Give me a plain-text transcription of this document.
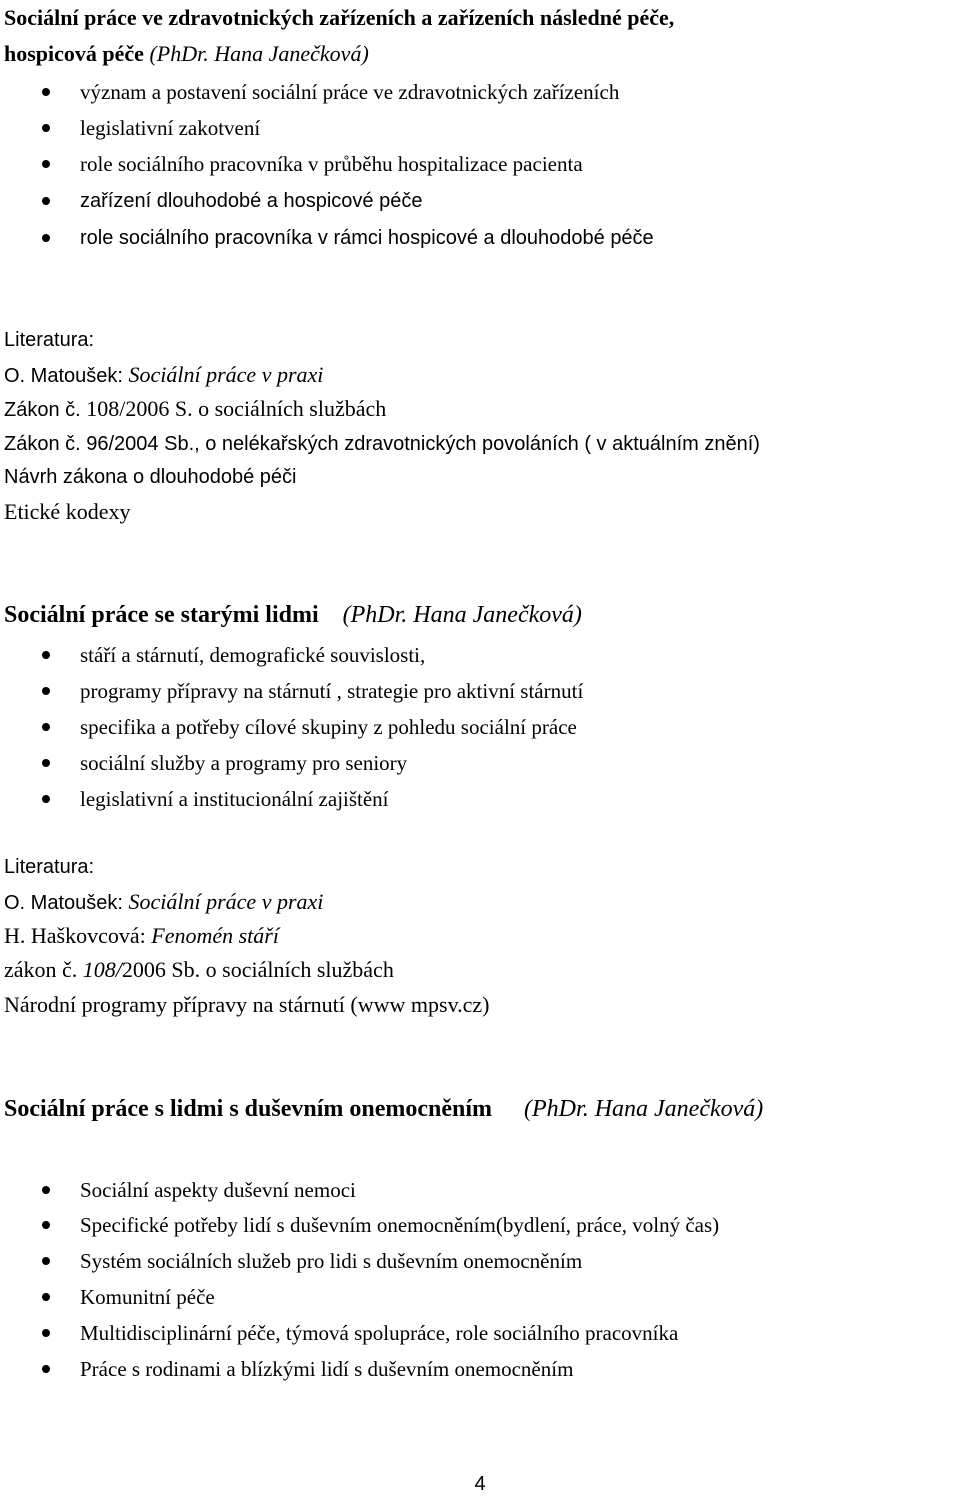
Sociální práce ve zdravotnických zařízeních a zařízeních následné péče,
hospicová péče (PhDr. Hana Janečková)
význam a postavení sociální práce ve zdravotnických zařízeních
legislativní zakotvení
role sociálního pracovníka v průběhu hospitalizace pacienta
zařízení dlouhodobé a hospicové péče
role sociálního pracovníka v rámci hospicové a dlouhodobé péče
Literatura:
O. Matoušek: Sociální práce v praxi
Zákon č. 108/2006 S. o sociálních službách
Zákon č. 96/2004 Sb., o nelékařských zdravotnických povoláních ( v aktuálním znění)
Návrh zákona o dlouhodobé péči
Etické kodexy
Sociální práce se starými lidmi (PhDr. Hana Janečková)
stáří a stárnutí, demografické souvislosti,
programy přípravy na stárnutí , strategie pro aktivní stárnutí
specifika a potřeby cílové skupiny z pohledu sociální práce
sociální služby a programy pro seniory
legislativní a institucionální zajištění
Literatura:
O. Matoušek: Sociální práce v praxi
H. Haškovcová: Fenomén stáří
zákon č. 108/2006 Sb. o sociálních službách
Národní programy přípravy na stárnutí (www mpsv.cz)
Sociální práce s lidmi s duševním onemocněním (PhDr. Hana Janečková)
Sociální aspekty duševní nemoci
Specifické potřeby lidí s duševním onemocněním(bydlení, práce, volný čas)
Systém sociálních služeb pro lidi s duševním onemocněním
Komunitní péče
Multidisciplinární péče, týmová spolupráce, role sociálního pracovníka
Práce s rodinami a blízkými lidí s duševním onemocněním
4
